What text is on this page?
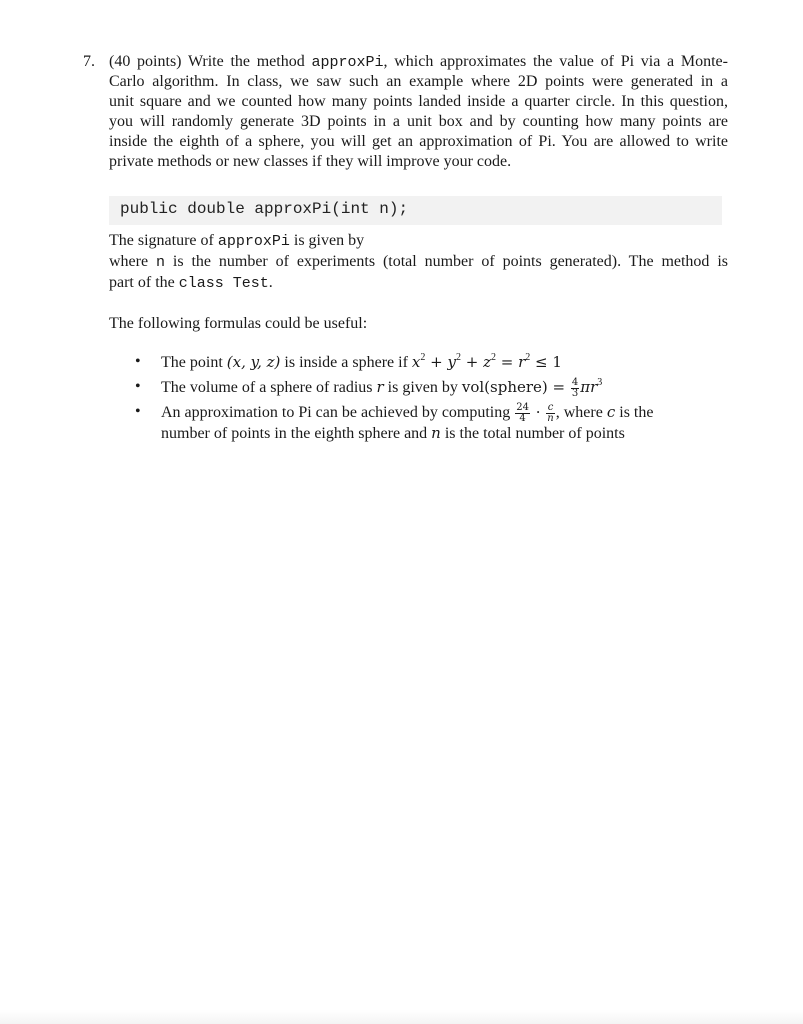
7. (40 points) Write the method approxPi, which approximates the value of Pi via a Monte-
Carlo algorithm. In class, we saw such an example where 2D points were generated in a
unit square and we counted how many points landed inside a quarter circle. In this question,
you will randomly generate 3D points in a unit box and by counting how many points are
inside the eighth of a sphere, you will get an approximation of Pi. You are allowed to write
private methods or new classes if they will improve your code.
public double approxPi(int n);
The signature of approxPi is given by
where n is the number of experiments (total number of points generated). The method is
part of the class Test.
The following formulas could be useful:
• The point (x, y, z) is inside a sphere if $x^2 + y^2 + z^2 = r^2 \le 1$
• The volume of a sphere of radius r is given by vol(sphere) = $\frac{4}{3} \pi r^3$
• An approximation to Pi can be achieved by computing $\frac{24}{4} \cdot \frac{c}{n}$ , where c is the
number of points in the eighth sphere and n is the total number of points
